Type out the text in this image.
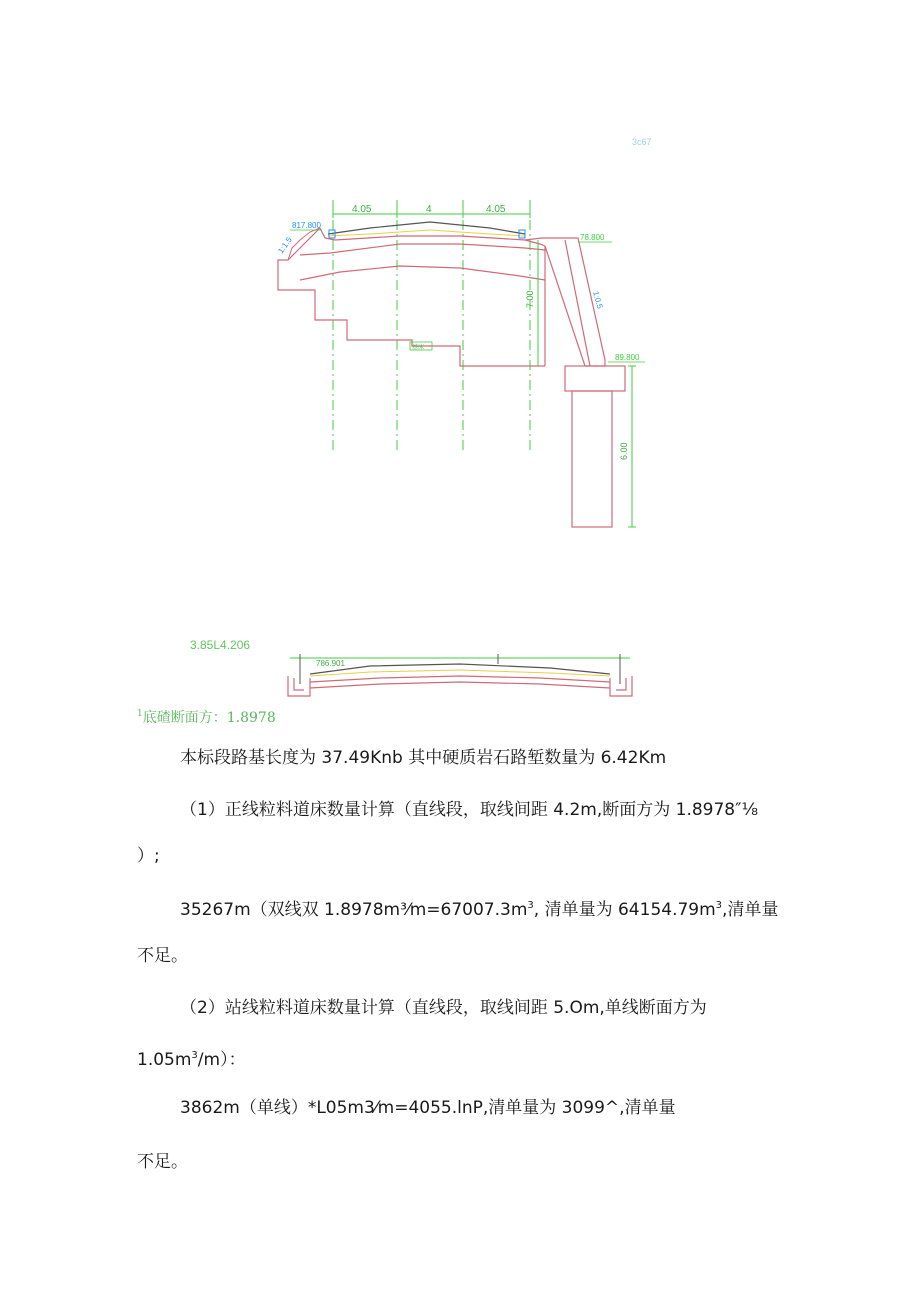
3c67
4.05	4	4.05
817.800
78.800
1:1.5
1:0.5
7.00
6.00
89.800
基床
3.85L4.206
786.901
$^1$底碴断面方：1.8978
本标段路基长度为 37.49Knb 其中硬质岩石路堑数量为 6.42Km
（1）正线粒料道床数量计算（直线段，取线间距 4.2m,断面方为 1.8978″⅛
）;
35267m（双线双 $1.8978m^3⁄m=67007.3m^3$, 清单量为 $64154.79m^3$,清单量
不足。
（2）站线粒料道床数量计算（直线段，取线间距 5.Om,单线断面方为
$1.05m^3/m$）：
3862m（单线）*L05m3⁄m=4055.lnP,清单量为 3099^,清单量
不足。
